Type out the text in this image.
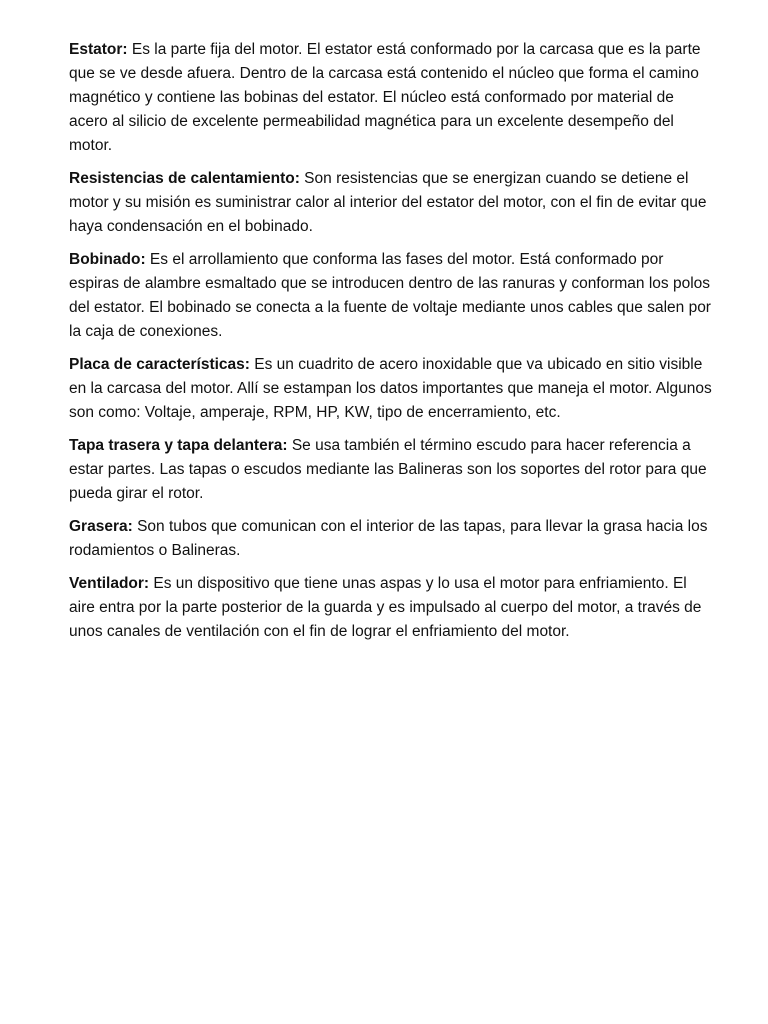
Estator: Es la parte fija del motor. El estator está conformado por la carcasa que es la parte que se ve desde afuera. Dentro de la carcasa está contenido el núcleo que forma el camino magnético y contiene las bobinas del estator. El núcleo está conformado por material de acero al silicio de excelente permeabilidad magnética para un excelente desempeño del motor.

Resistencias de calentamiento: Son resistencias que se energizan cuando se detiene el motor y su misión es suministrar calor al interior del estator del motor, con el fin de evitar que haya condensación en el bobinado.

Bobinado: Es el arrollamiento que conforma las fases del motor. Está conformado por espiras de alambre esmaltado que se introducen dentro de las ranuras y conforman los polos del estator. El bobinado se conecta a la fuente de voltaje mediante unos cables que salen por la caja de conexiones.

Placa de características: Es un cuadrito de acero inoxidable que va ubicado en sitio visible en la carcasa del motor. Allí se estampan los datos importantes que maneja el motor. Algunos son como: Voltaje, amperaje, RPM, HP, KW, tipo de encerramiento, etc.

Tapa trasera y tapa delantera: Se usa también el término escudo para hacer referencia a estar partes. Las tapas o escudos mediante las Balineras son los soportes del rotor para que pueda girar el rotor.

Grasera: Son tubos que comunican con el interior de las tapas, para llevar la grasa hacia los rodamientos o Balineras.

Ventilador: Es un dispositivo que tiene unas aspas y lo usa el motor para enfriamiento. El aire entra por la parte posterior de la guarda y es impulsado al cuerpo del motor, a través de unos canales de ventilación con el fin de lograr el enfriamiento del motor.
